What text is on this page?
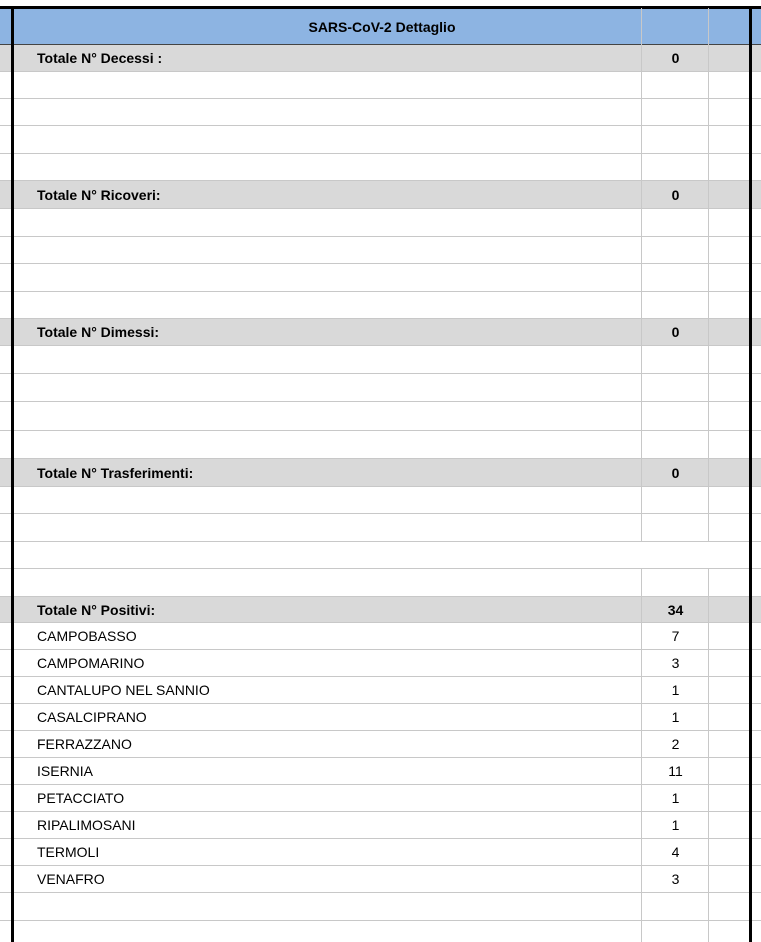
SARS-CoV-2 Dettaglio
Totale N° Decessi :	0
Totale N° Ricoveri:	0
Totale N° Dimessi:	0
Totale N° Trasferimenti:	0
Totale N° Positivi:	34
CAMPOBASSO	7
CAMPOMARINO	3
CANTALUPO NEL SANNIO	1
CASALCIPRANO	1
FERRAZZANO	2
ISERNIA	11
PETACCIATO	1
RIPALIMOSANI	1
TERMOLI	4
VENAFRO	3
